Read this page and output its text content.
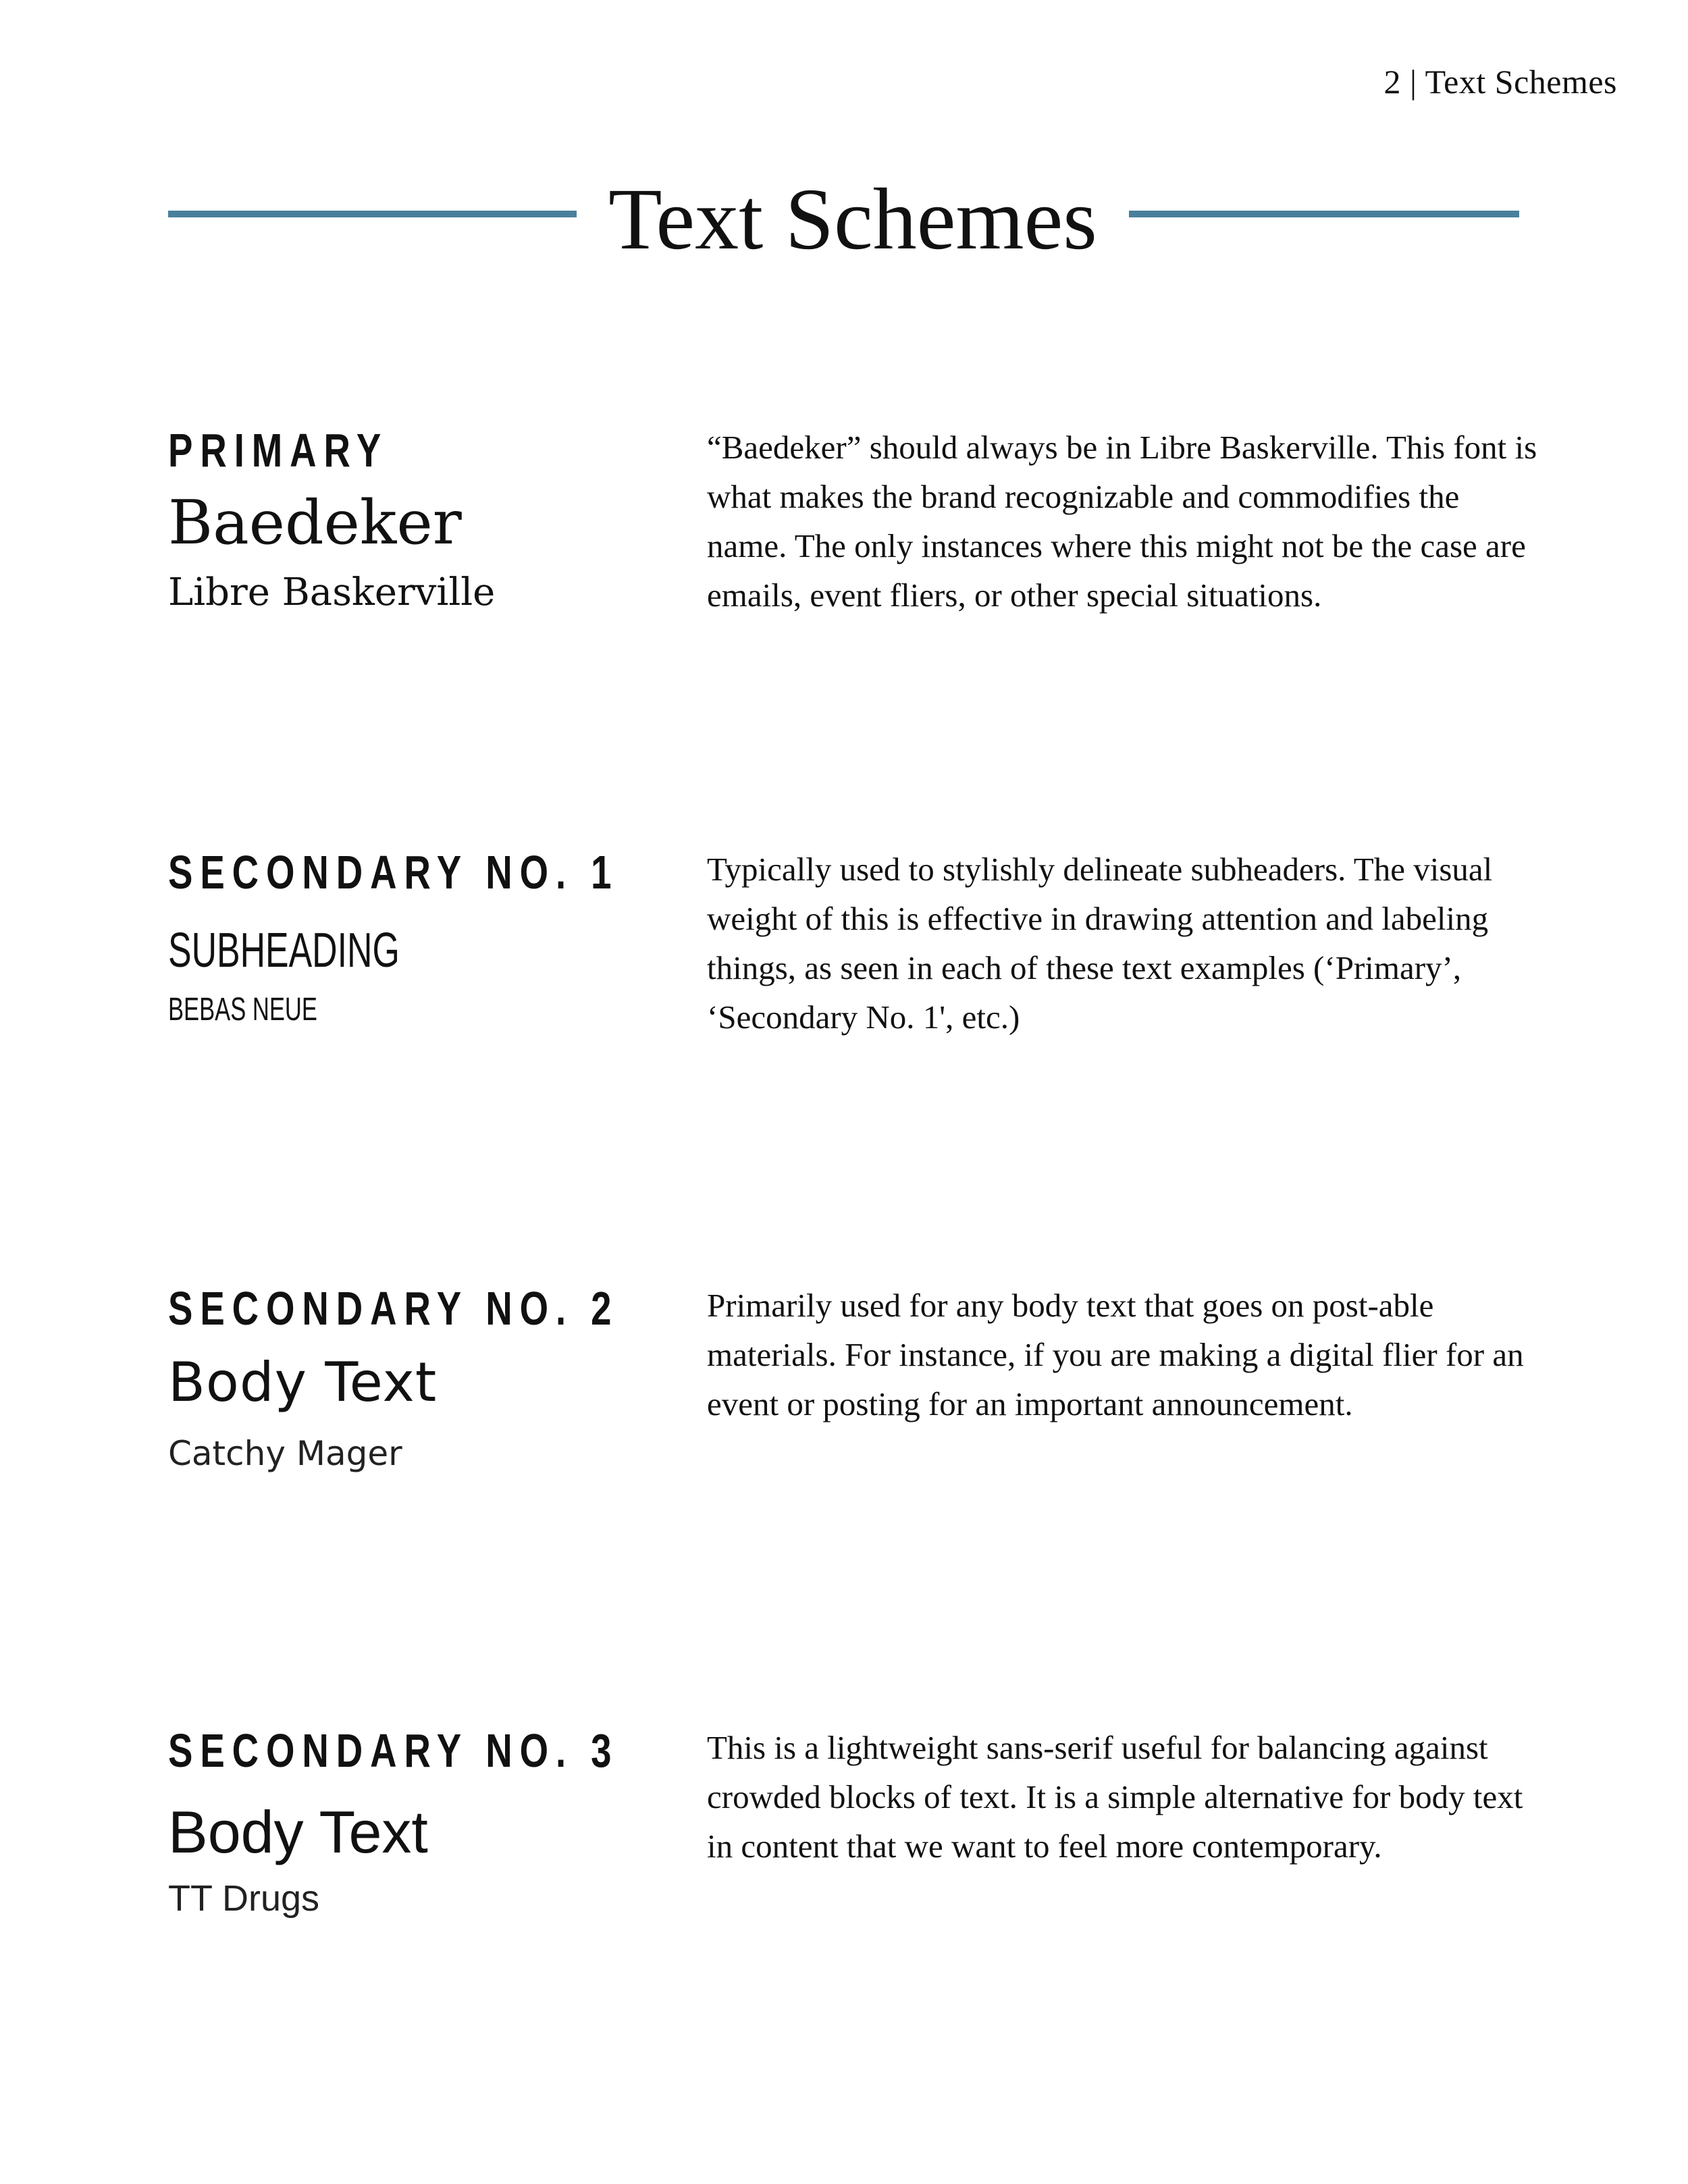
2 | Text Schemes
Text Schemes
PRIMARY
Baedeker
Libre Baskerville

“Baedeker” should always be in Libre Baskerville. This font is what makes the brand recognizable and commodifies the name. The only instances where this might not be the case are emails, event fliers, or other special situations.

SECONDARY NO. 1
SUBHEADING
BEBAS NEUE

Typically used to stylishly delineate subheaders. The visual weight of this is effective in drawing attention and labeling things, as seen in each of these text examples (‘Primary’, ‘Secondary No. 1', etc.)

SECONDARY NO. 2
Body Text
Catchy Mager

Primarily used for any body text that goes on post-able materials. For instance, if you are making a digital flier for an event or posting for an important announcement.

SECONDARY NO. 3
Body Text
TT Drugs

This is a lightweight sans-serif useful for balancing against crowded blocks of text. It is a simple alternative for body text in content that we want to feel more contemporary.
